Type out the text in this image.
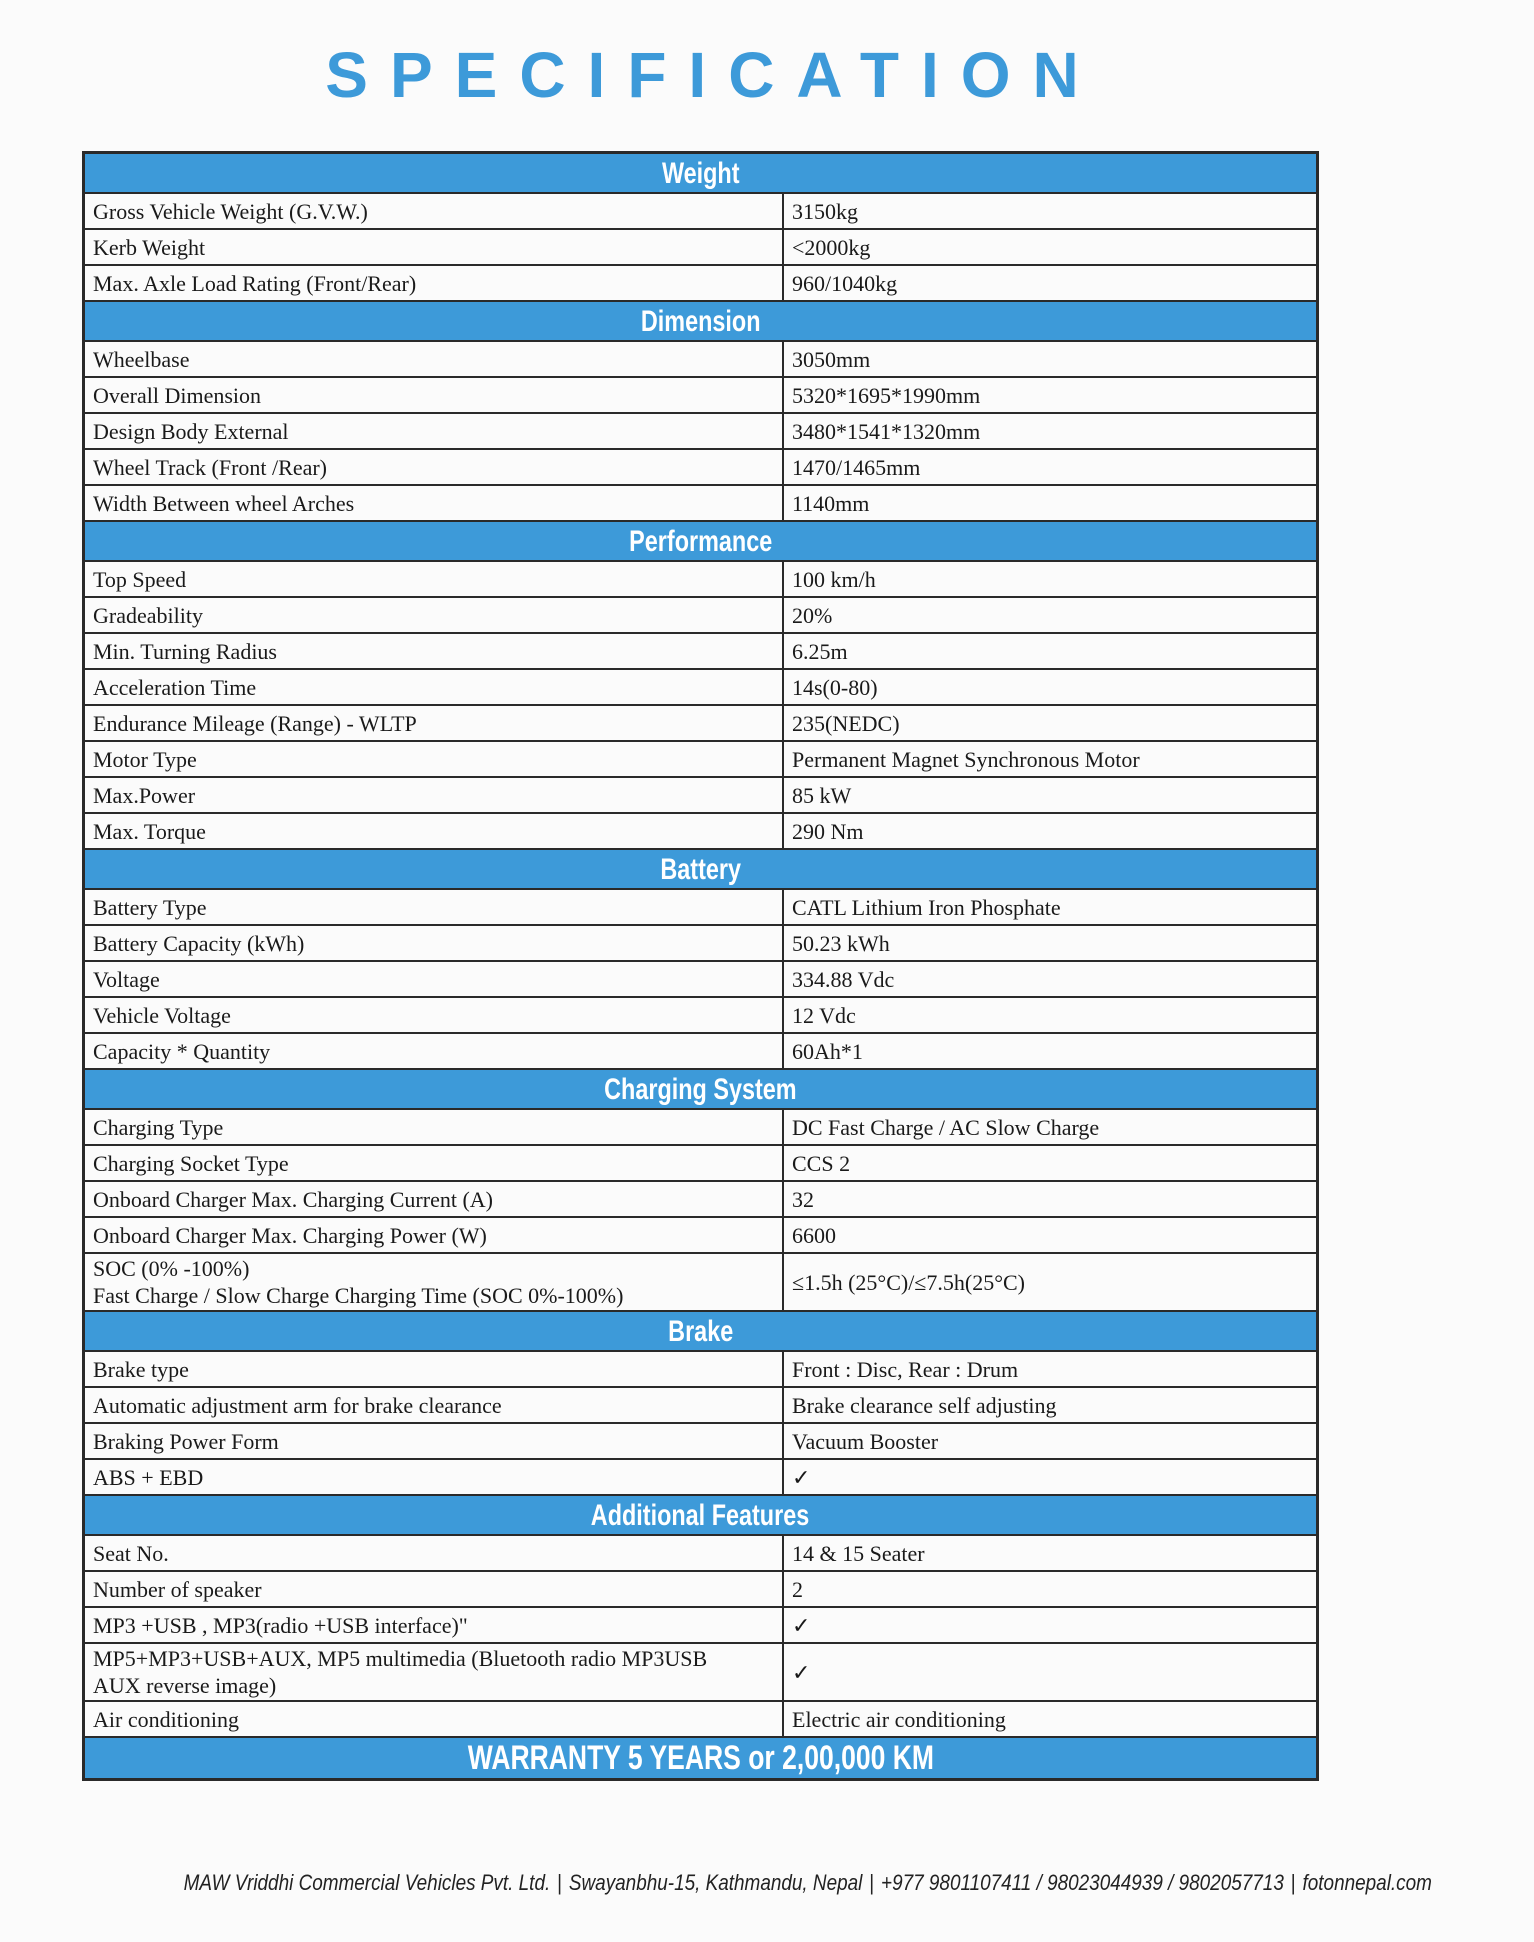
SPECIFICATION
Weight	

Gross Vehicle Weight (G.V.W.)	3150kg

Kerb Weight	<2000kg

Max. Axle Load Rating (Front/Rear)	960/1040kg
Dimension	

Wheelbase	3050mm

Overall Dimension	5320*1695*1990mm

Design Body External	3480*1541*1320mm

Wheel Track (Front /Rear)	1470/1465mm

Width Between wheel Arches	1140mm
Performance	

Top Speed	100 km/h

Gradeability	20%

Min. Turning Radius	6.25m

Acceleration Time	14s(0-80)

Endurance Mileage (Range) - WLTP	235(NEDC)

Motor Type	Permanent Magnet Synchronous Motor

Max.Power	85 kW

Max. Torque	290 Nm
Battery	

Battery Type	CATL Lithium Iron Phosphate

Battery Capacity (kWh)	50.23 kWh

Voltage	334.88 Vdc

Vehicle Voltage	12 Vdc

Capacity * Quantity	60Ah*1
Charging System	

Charging Type	DC Fast Charge / AC Slow Charge

Charging Socket Type	CCS 2

Onboard Charger Max. Charging Current (A)	32

Onboard Charger Max. Charging Power (W)	6600

SOC (0% -100%)
Fast Charge / Slow Charge Charging Time (SOC 0%-100%)	≤1.5h (25°C)/≤7.5h(25°C)
Brake	

Brake type	Front : Disc, Rear : Drum

Automatic adjustment arm for brake clearance	Brake clearance self adjusting

Braking Power Form	Vacuum Booster

ABS + EBD	✓
Additional Features	

Seat No.	14 & 15 Seater

Number of speaker	2

MP3 +USB , MP3(radio +USB interface)"	✓

MP5+MP3+USB+AUX, MP5 multimedia (Bluetooth radio MP3USB
AUX reverse image)	✓

Air conditioning	Electric air conditioning
WARRANTY 5 YEARS or 2,00,000 KM	
MAW Vriddhi Commercial Vehicles Pvt. Ltd. | Swayanbhu-15, Kathmandu, Nepal | +977 9801107411 / 98023044939 / 9802057713 | fotonnepal.com
